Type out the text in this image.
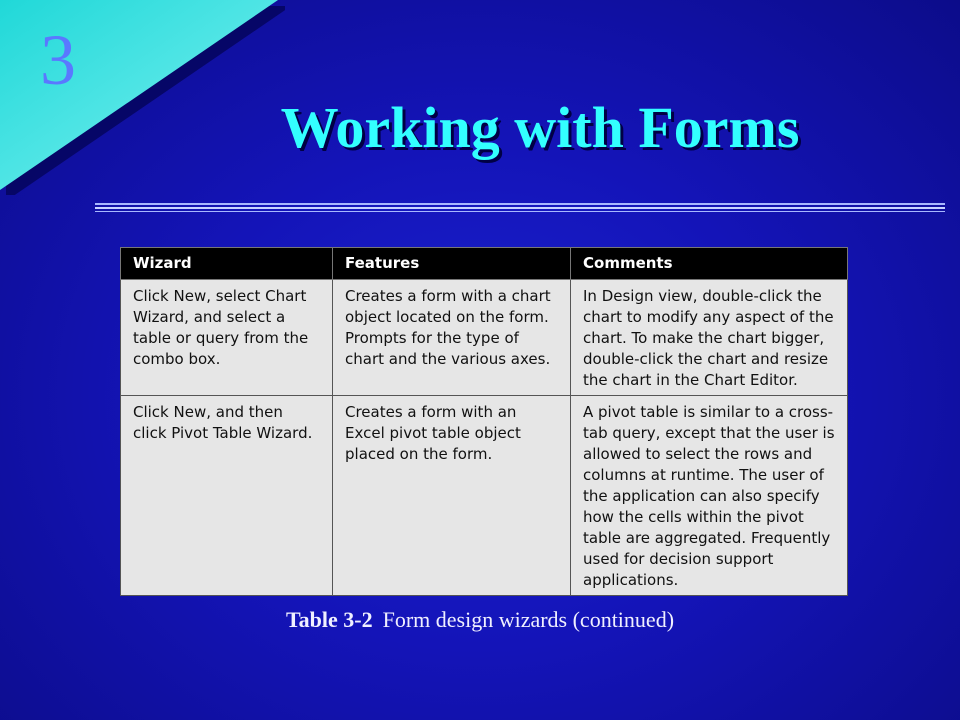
3
Working with Forms
Wizard	Features	Comments
Click New, select Chart Wizard, and select a table or query from the combo box.	Creates a form with a chart object located on the form. Prompts for the type of chart and the various axes.	In Design view, double-click the chart to modify any aspect of the chart. To make the chart bigger, double-click the chart and resize the chart in the Chart Editor.
Click New, and then click Pivot Table Wizard.	Creates a form with an Excel pivot table object placed on the form.	A pivot table is similar to a cross-tab query, except that the user is allowed to select the rows and columns at runtime. The user of the application can also specify how the cells within the pivot table are aggregated. Frequently used for decision support applications.
Table 3-2 Form design wizards (continued)
